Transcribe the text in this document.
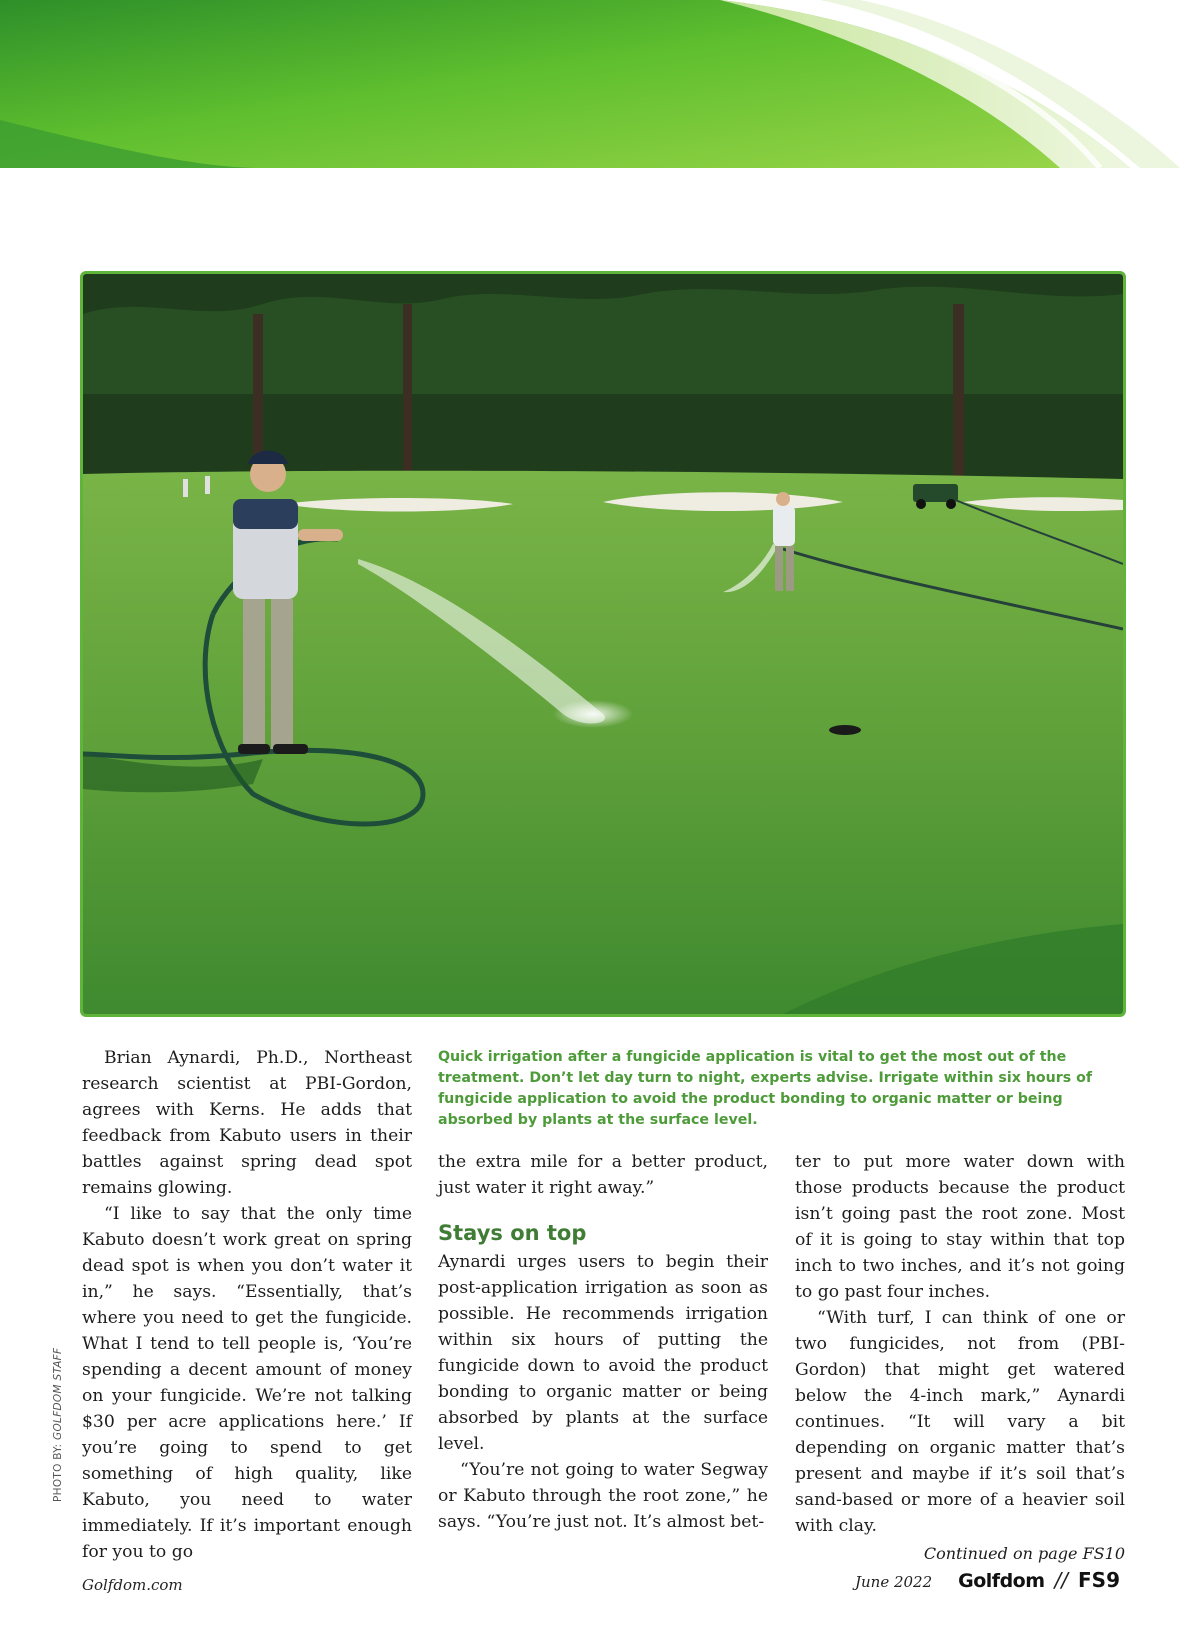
PHOTO BY: GOLFDOM STAFF

Brian Aynardi, Ph.D., Northeast research scientist at PBI-Gordon, agrees with Kerns. He adds that feedback from Kabuto users in their battles against spring dead spot remains glowing.

“I like to say that the only time Kabuto doesn’t work great on spring dead spot is when you don’t water it in,” he says. “Essentially, that’s where you need to get the fungicide. What I tend to tell people is, ‘You’re spending a decent amount of money on your fungicide. We’re not talking $30 per acre applications here.’ If you’re going to spend to get something of high quality, like Kabuto, you need to water immediately. If it’s important enough for you to go

Quick irrigation after a fungicide application is vital to get the most out of the treatment. Don’t let day turn to night, experts advise. Irrigate within six hours of fungicide application to avoid the product bonding to organic matter or being absorbed by plants at the surface level.

the extra mile for a better product, just water it right away.”

Stays on top

Aynardi urges users to begin their post-application irrigation as soon as possible. He recommends irrigation within six hours of putting the fungicide down to avoid the product bonding to organic matter or being absorbed by plants at the surface level.

“You’re not going to water Segway or Kabuto through the root zone,” he says. “You’re just not. It’s almost bet-

ter to put more water down with those products because the product isn’t going past the root zone. Most of it is going to stay within that top inch to two inches, and it’s not going to go past four inches.

“With turf, I can think of one or two fungicides, not from (PBI-Gordon) that might get watered below the 4-inch mark,” Aynardi continues. “It will vary a bit depending on organic matter that’s present and maybe if it’s soil that’s sand-based or more of a heavier soil with clay.

Continued on page FS10
Golfdom.com	June 2022 Golfdom // FS9
